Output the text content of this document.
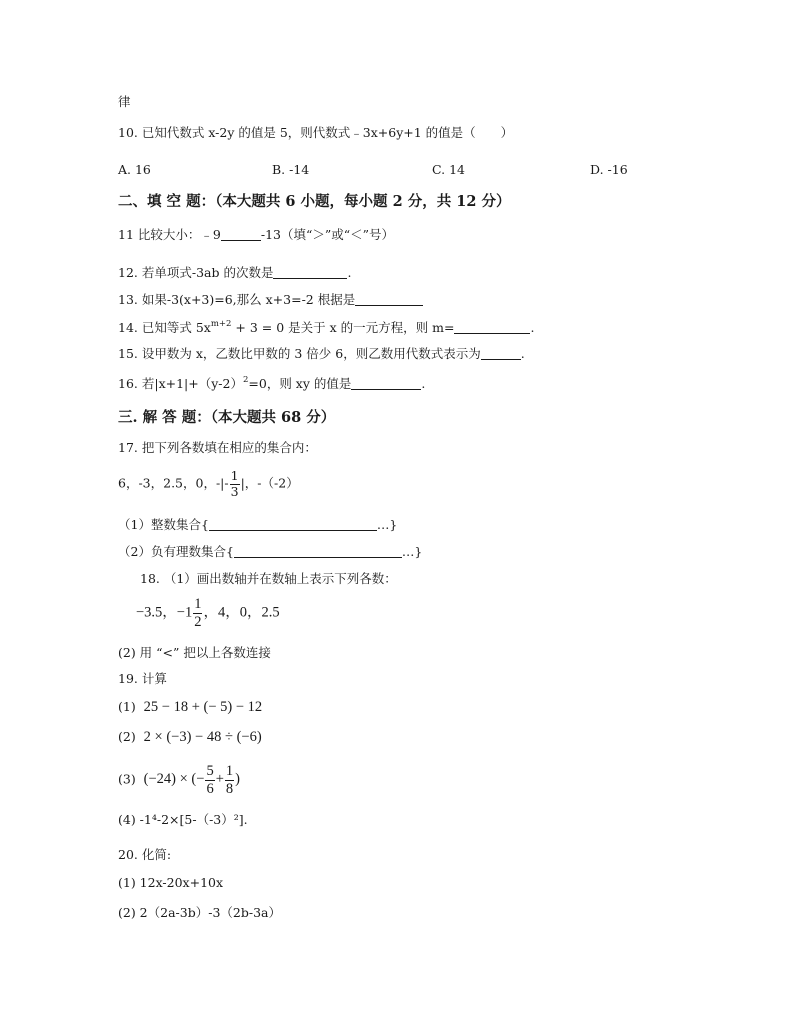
律
10. 已知代数式 x-2y 的值是 5，则代数式﹣3x+6y+1 的值是（　　）
A. 16	B. -14	C. 14	D. -16
二、填 空 题：（本大题共 6 小题，每小题 2 分，共 12 分）
11 比较大小：﹣9	-13（填“＞”或“＜”号）
12. 若单项式-3ab 的次数是	.
13. 如果-3(x+3)=6,那么 x+3=-2 根据是
14. 已知等式 $5x^{m+2} + 3 = 0$ 是关于 x 的一元方程，则 m=	.
15. 设甲数为 x，乙数比甲数的 3 倍少 6，则乙数用代数式表示为	.
16. 若$|x+1|+(y-2)^2=0$，则 xy 的值是	.
三. 解 答 题：（本大题共 68 分）
17. 把下列各数填在相应的集合内：
6，-3，2.5，0，-|- $\frac{1}{3}$ |，-（-2）
（1）整数集合{	…}
（2）负有理数集合{	…}
18. （1）画出数轴并在数轴上表示下列各数：
−3.5，$-1 \frac{1}{2}$ ，4，0，2.5
(2) 用 “<” 把以上各数连接
19. 计算
(1) 25 − 18 + (− 5) − 12
(2) 2 × (−3) − 48 ÷ (−6)
(3) (−24) × (− $\frac{5}{6} + \frac{1}{8}$ )
(4) -1⁴-2×[5-（-3）²].
20. 化简:
(1) 12x-20x+10x
(2) 2（2a-3b）-3（2b-3a）
